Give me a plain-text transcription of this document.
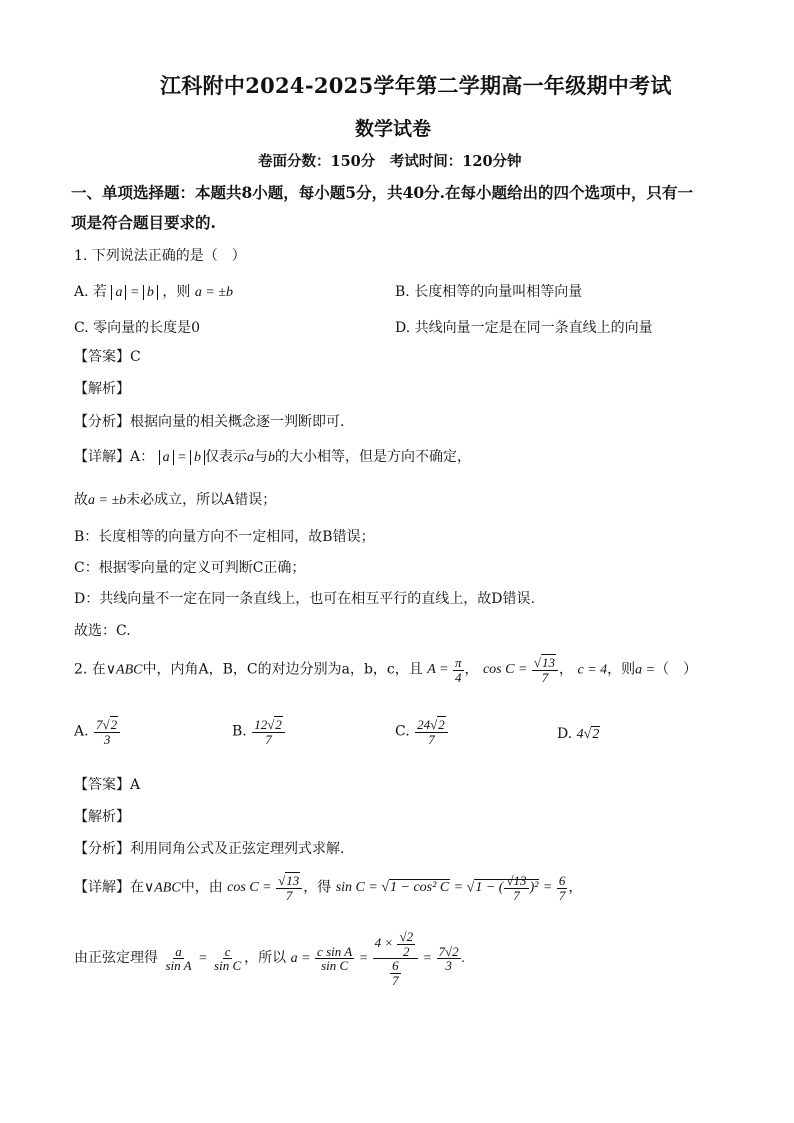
江科附中2024-2025学年第二学期高一年级期中考试
数学试卷
卷面分数：150分　考试时间：120分钟
一、单项选择题：本题共8小题，每小题5分，共40分.在每小题给出的四个选项中，只有一
项是符合题目要求的.
1. 下列说法正确的是（　）
A. 若 a = b ，则 a = ±b	B. 长度相等的向量叫相等向量
C. 零向量的长度是0	D. 共线向量一定是在同一条直线上的向量
【答案】C
【解析】
【分析】根据向量的相关概念逐一判断即可.
【详解】A： a = b 仅表示a与b的大小相等，但是方向不确定，
故a = ±b未必成立，所以A错误；
B：长度相等的向量方向不一定相同，故B错误；
C：根据零向量的定义可判断C正确；
D：共线向量不一定在同一条直线上，也可在相互平行的直线上，故D错误.
故选：C.
2. 在∨ABC中，内角A，B，C的对边分别为a，b，c，且 $A = \frac{\pi}{4}$ ， $\cos C = \frac{√13}{7}$ ， c = 4，则a =（　）
A. $\frac{7√2}{3}$	B. $\frac{12√2}{7}$	C. $\frac{24√2}{7}$	D. 4√2
【答案】A
【解析】
【分析】利用同角公式及正弦定理列式求解.
【详解】在∨ABC中，由 $\cos C = \frac{√13}{7}$ ，得 sin C = √1 − cos² C = √1 − ( $\frac{√13}{7} )^2 = \frac{6}{7}$ ，
由正弦定理得 $\frac{a}{\text{sin A}} = \frac{c}{\text{sin C}}$ ，所以 $a = \frac{\text{c sin A}}{\text{sin C}} = \frac{4 \times \frac{√2}{2}}{\frac{6}{7}} = \frac{7√2}{3}$ .
